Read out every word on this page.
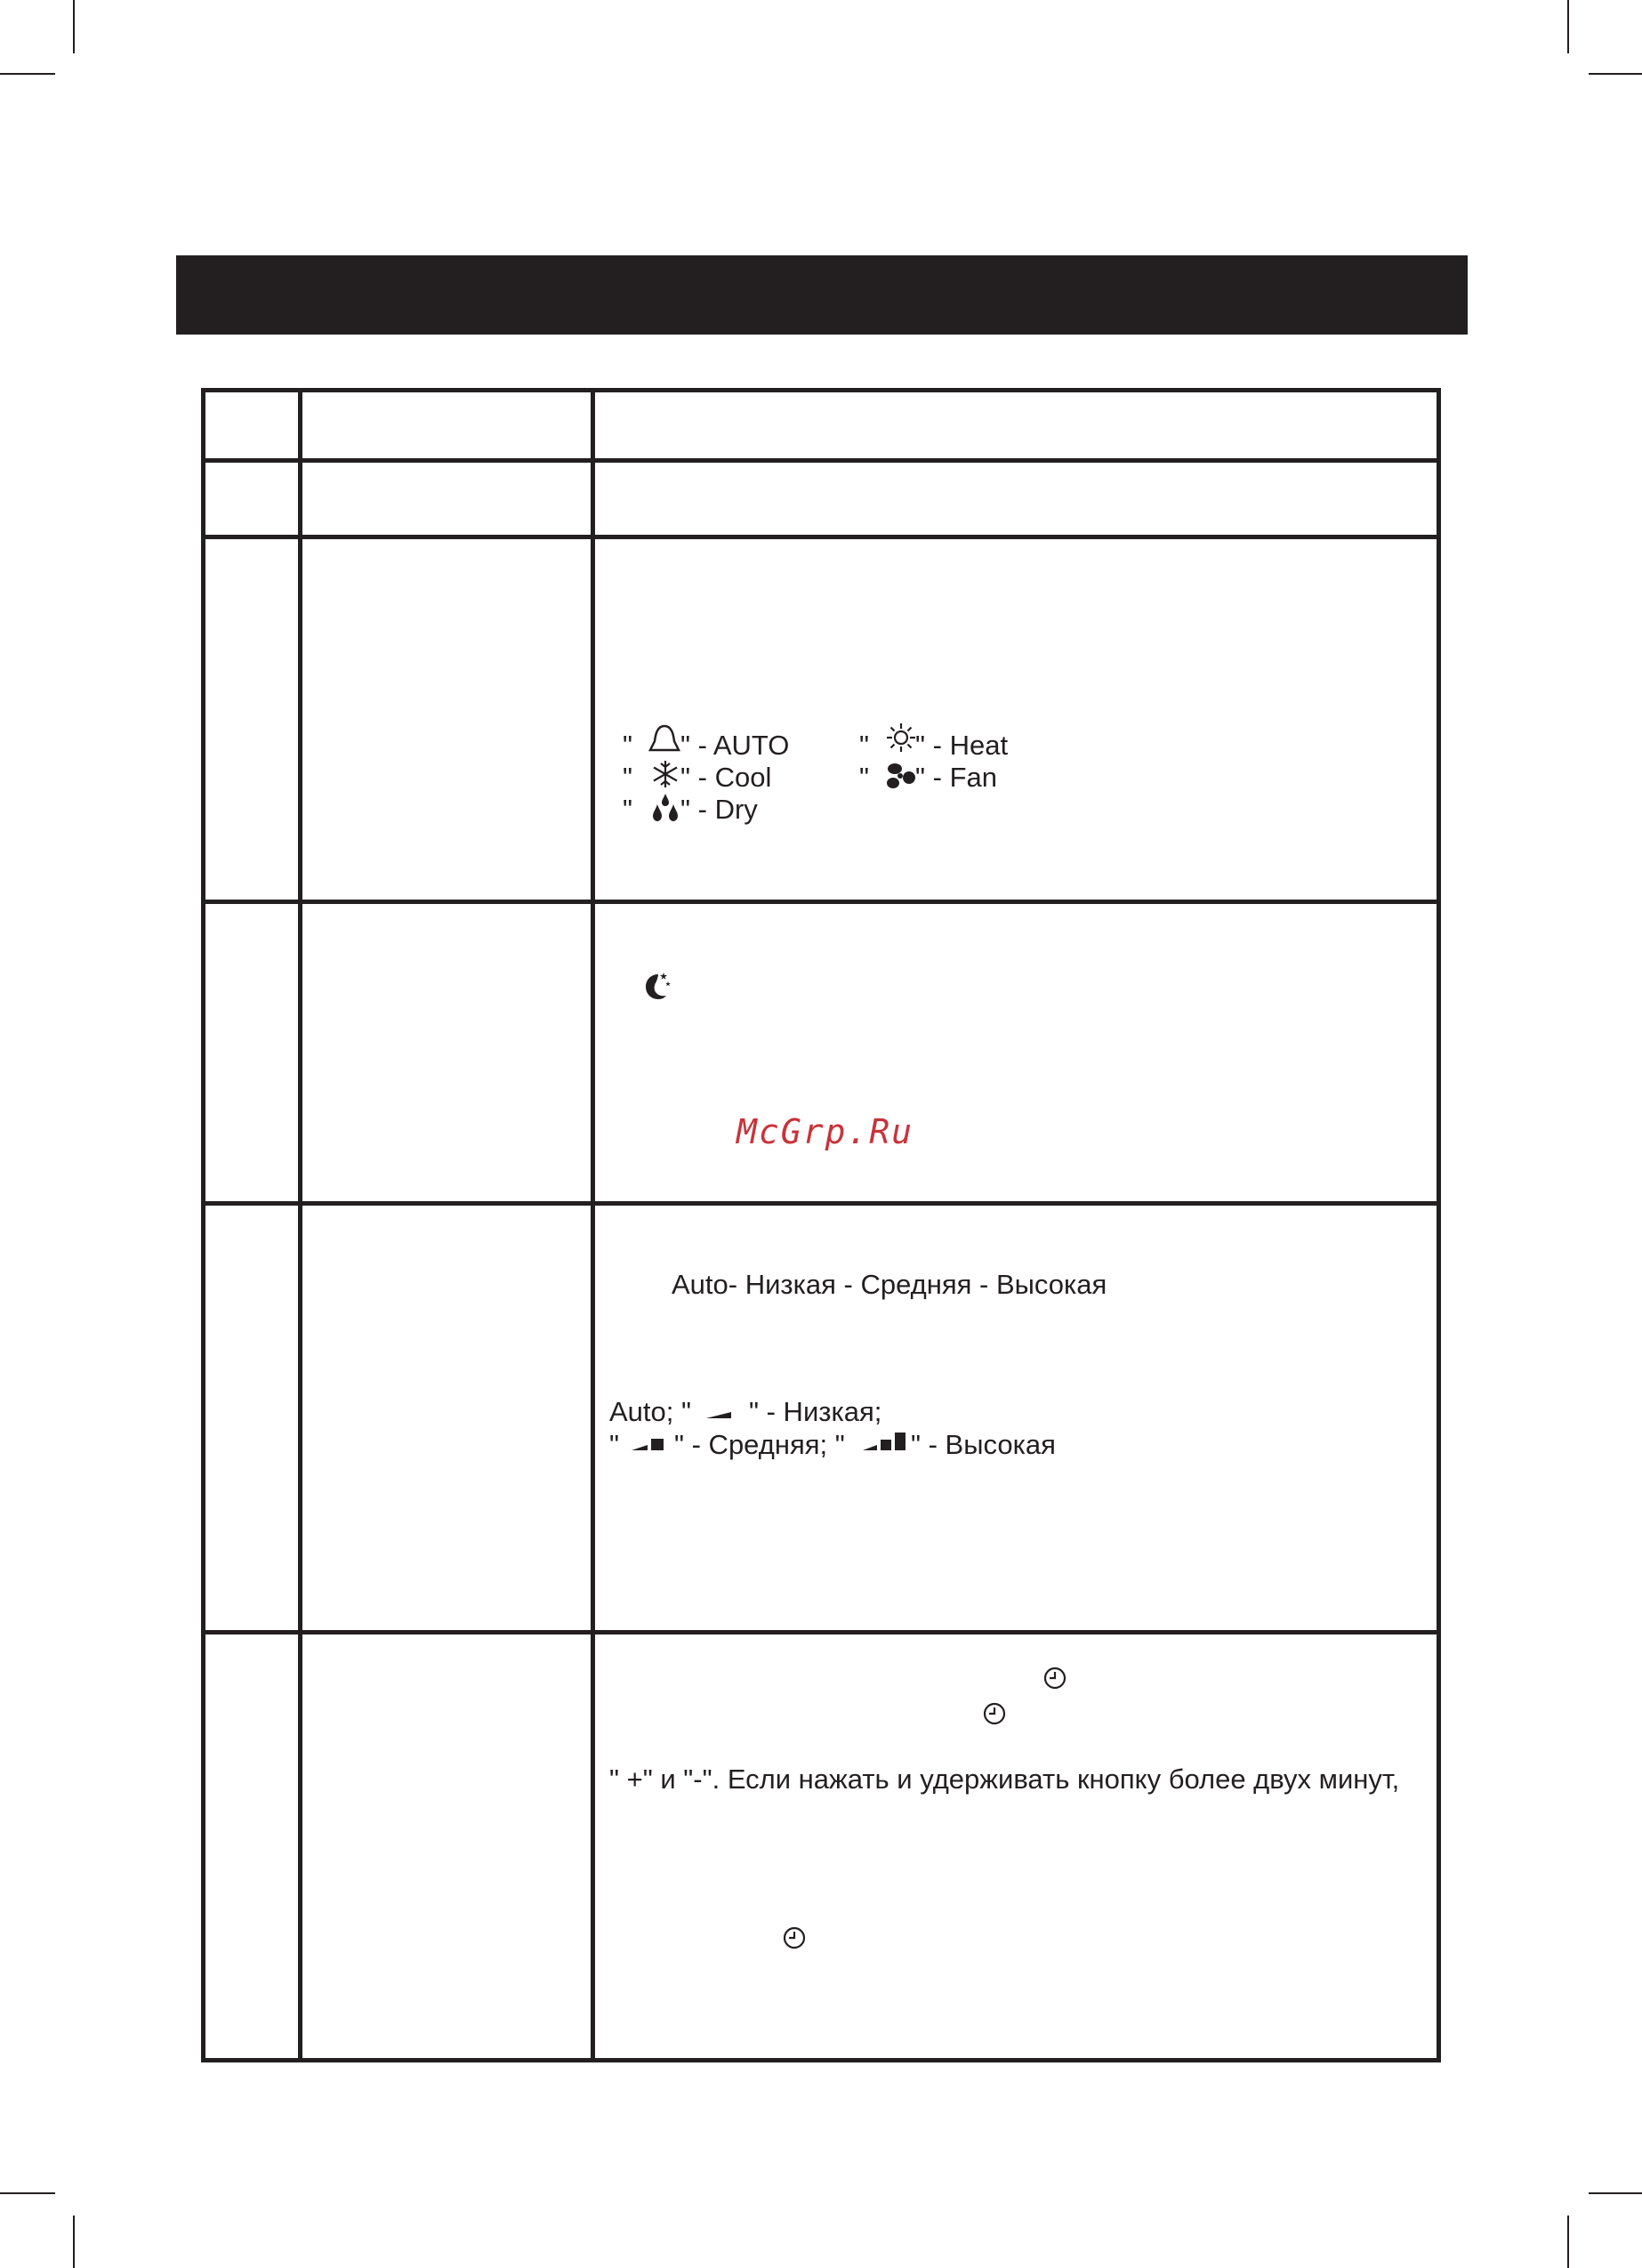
" " - AUTO
" " - Cool
" " - Dry
" " - Heat
" " - Fan
McGrp.Ru
Auto- Низкая - Средняя - Высокая
Auto; " " - Низкая;
" " - Средняя; " " - Высокая
" +" и "-". Если нажать и удерживать кнопку более двух минут,
